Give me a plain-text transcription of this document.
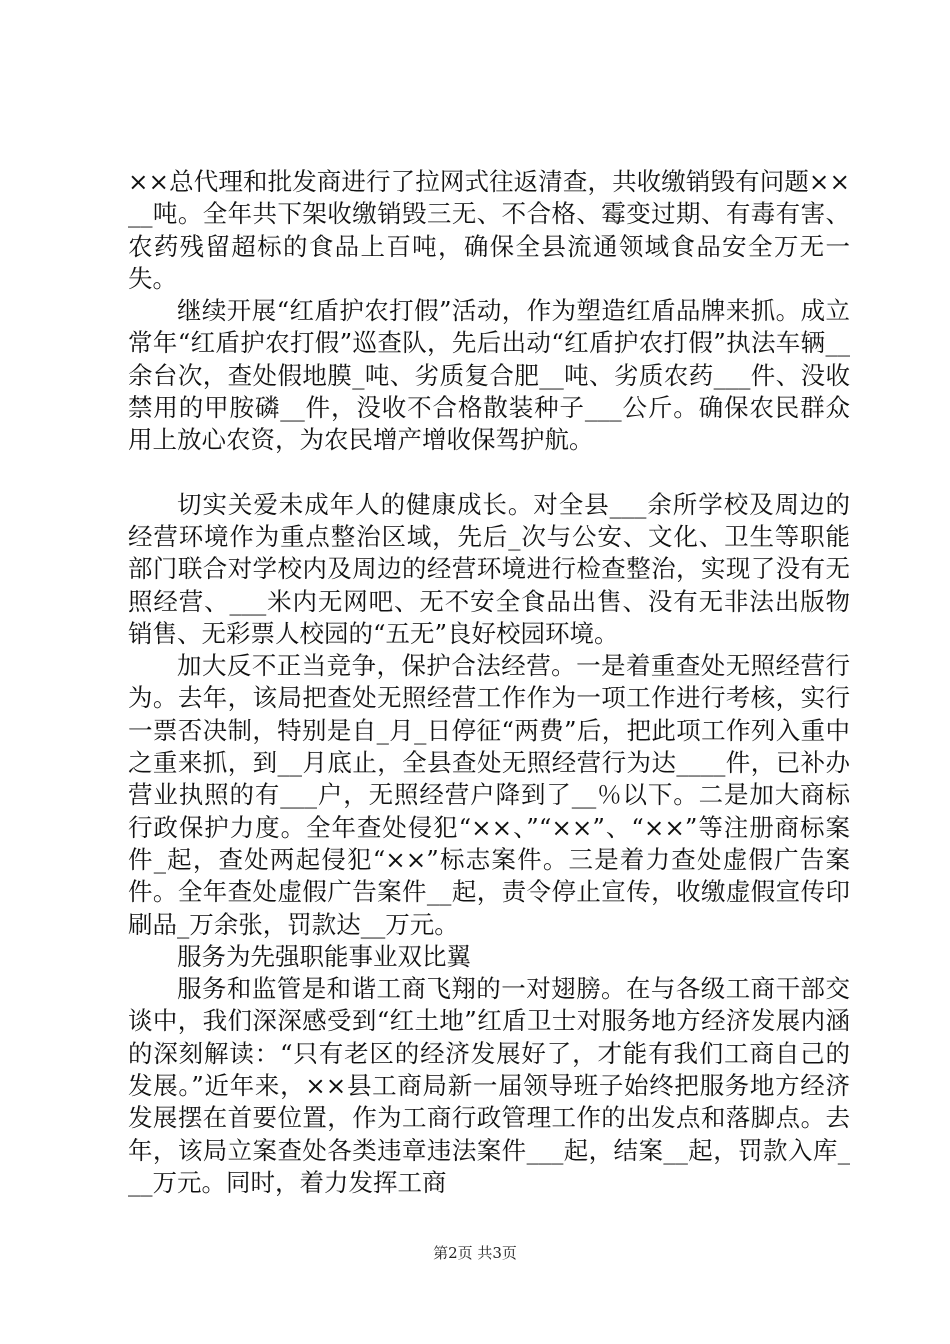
××总代理和批发商进行了拉网式往返清查，共收缴销毁有问题××__吨。全年共下架收缴销毁三无、不合格、霉变过期、有毒有害、农药残留超标的食品上百吨，确保全县流通领域食品安全万无一失。

继续开展“红盾护农打假”活动，作为塑造红盾品牌来抓。成立常年“红盾护农打假”巡查队，先后出动“红盾护农打假”执法车辆__余台次，查处假地膜_吨、劣质复合肥__吨、劣质农药___件、没收禁用的甲胺磷__件，没收不合格散装种子___公斤。确保农民群众用上放心农资，为农民增产增收保驾护航。

切实关爱未成年人的健康成长。对全县___余所学校及周边的经营环境作为重点整治区域，先后_次与公安、文化、卫生等职能部门联合对学校内及周边的经营环境进行检查整治，实现了没有无照经营、___米内无网吧、无不安全食品出售、没有无非法出版物销售、无彩票人校园的“五无”良好校园环境。

加大反不正当竞争，保护合法经营。一是着重查处无照经营行为。去年，该局把查处无照经营工作作为一项工作进行考核，实行一票否决制，特别是自_月_日停征“两费”后，把此项工作列入重中之重来抓，到__月底止，全县查处无照经营行为达____件，已补办营业执照的有___户，无照经营户降到了__％以下。二是加大商标行政保护力度。全年查处侵犯“××、”“××”、“××”等注册商标案件_起，查处两起侵犯“××”标志案件。三是着力查处虚假广告案件。全年查处虚假广告案件__起，责令停止宣传，收缴虚假宣传印刷品_万余张，罚款达__万元。

服务为先强职能事业双比翼

服务和监管是和谐工商飞翔的一对翅膀。在与各级工商干部交谈中，我们深深感受到“红土地”红盾卫士对服务地方经济发展内涵的深刻解读：“只有老区的经济发展好了，才能有我们工商自己的发展。”近年来，××县工商局新一届领导班子始终把服务地方经济发展摆在首要位置，作为工商行政管理工作的出发点和落脚点。去年，该局立案查处各类违章违法案件___起，结案__起，罚款入库___万元。同时，着力发挥工商

第2页 共3页
